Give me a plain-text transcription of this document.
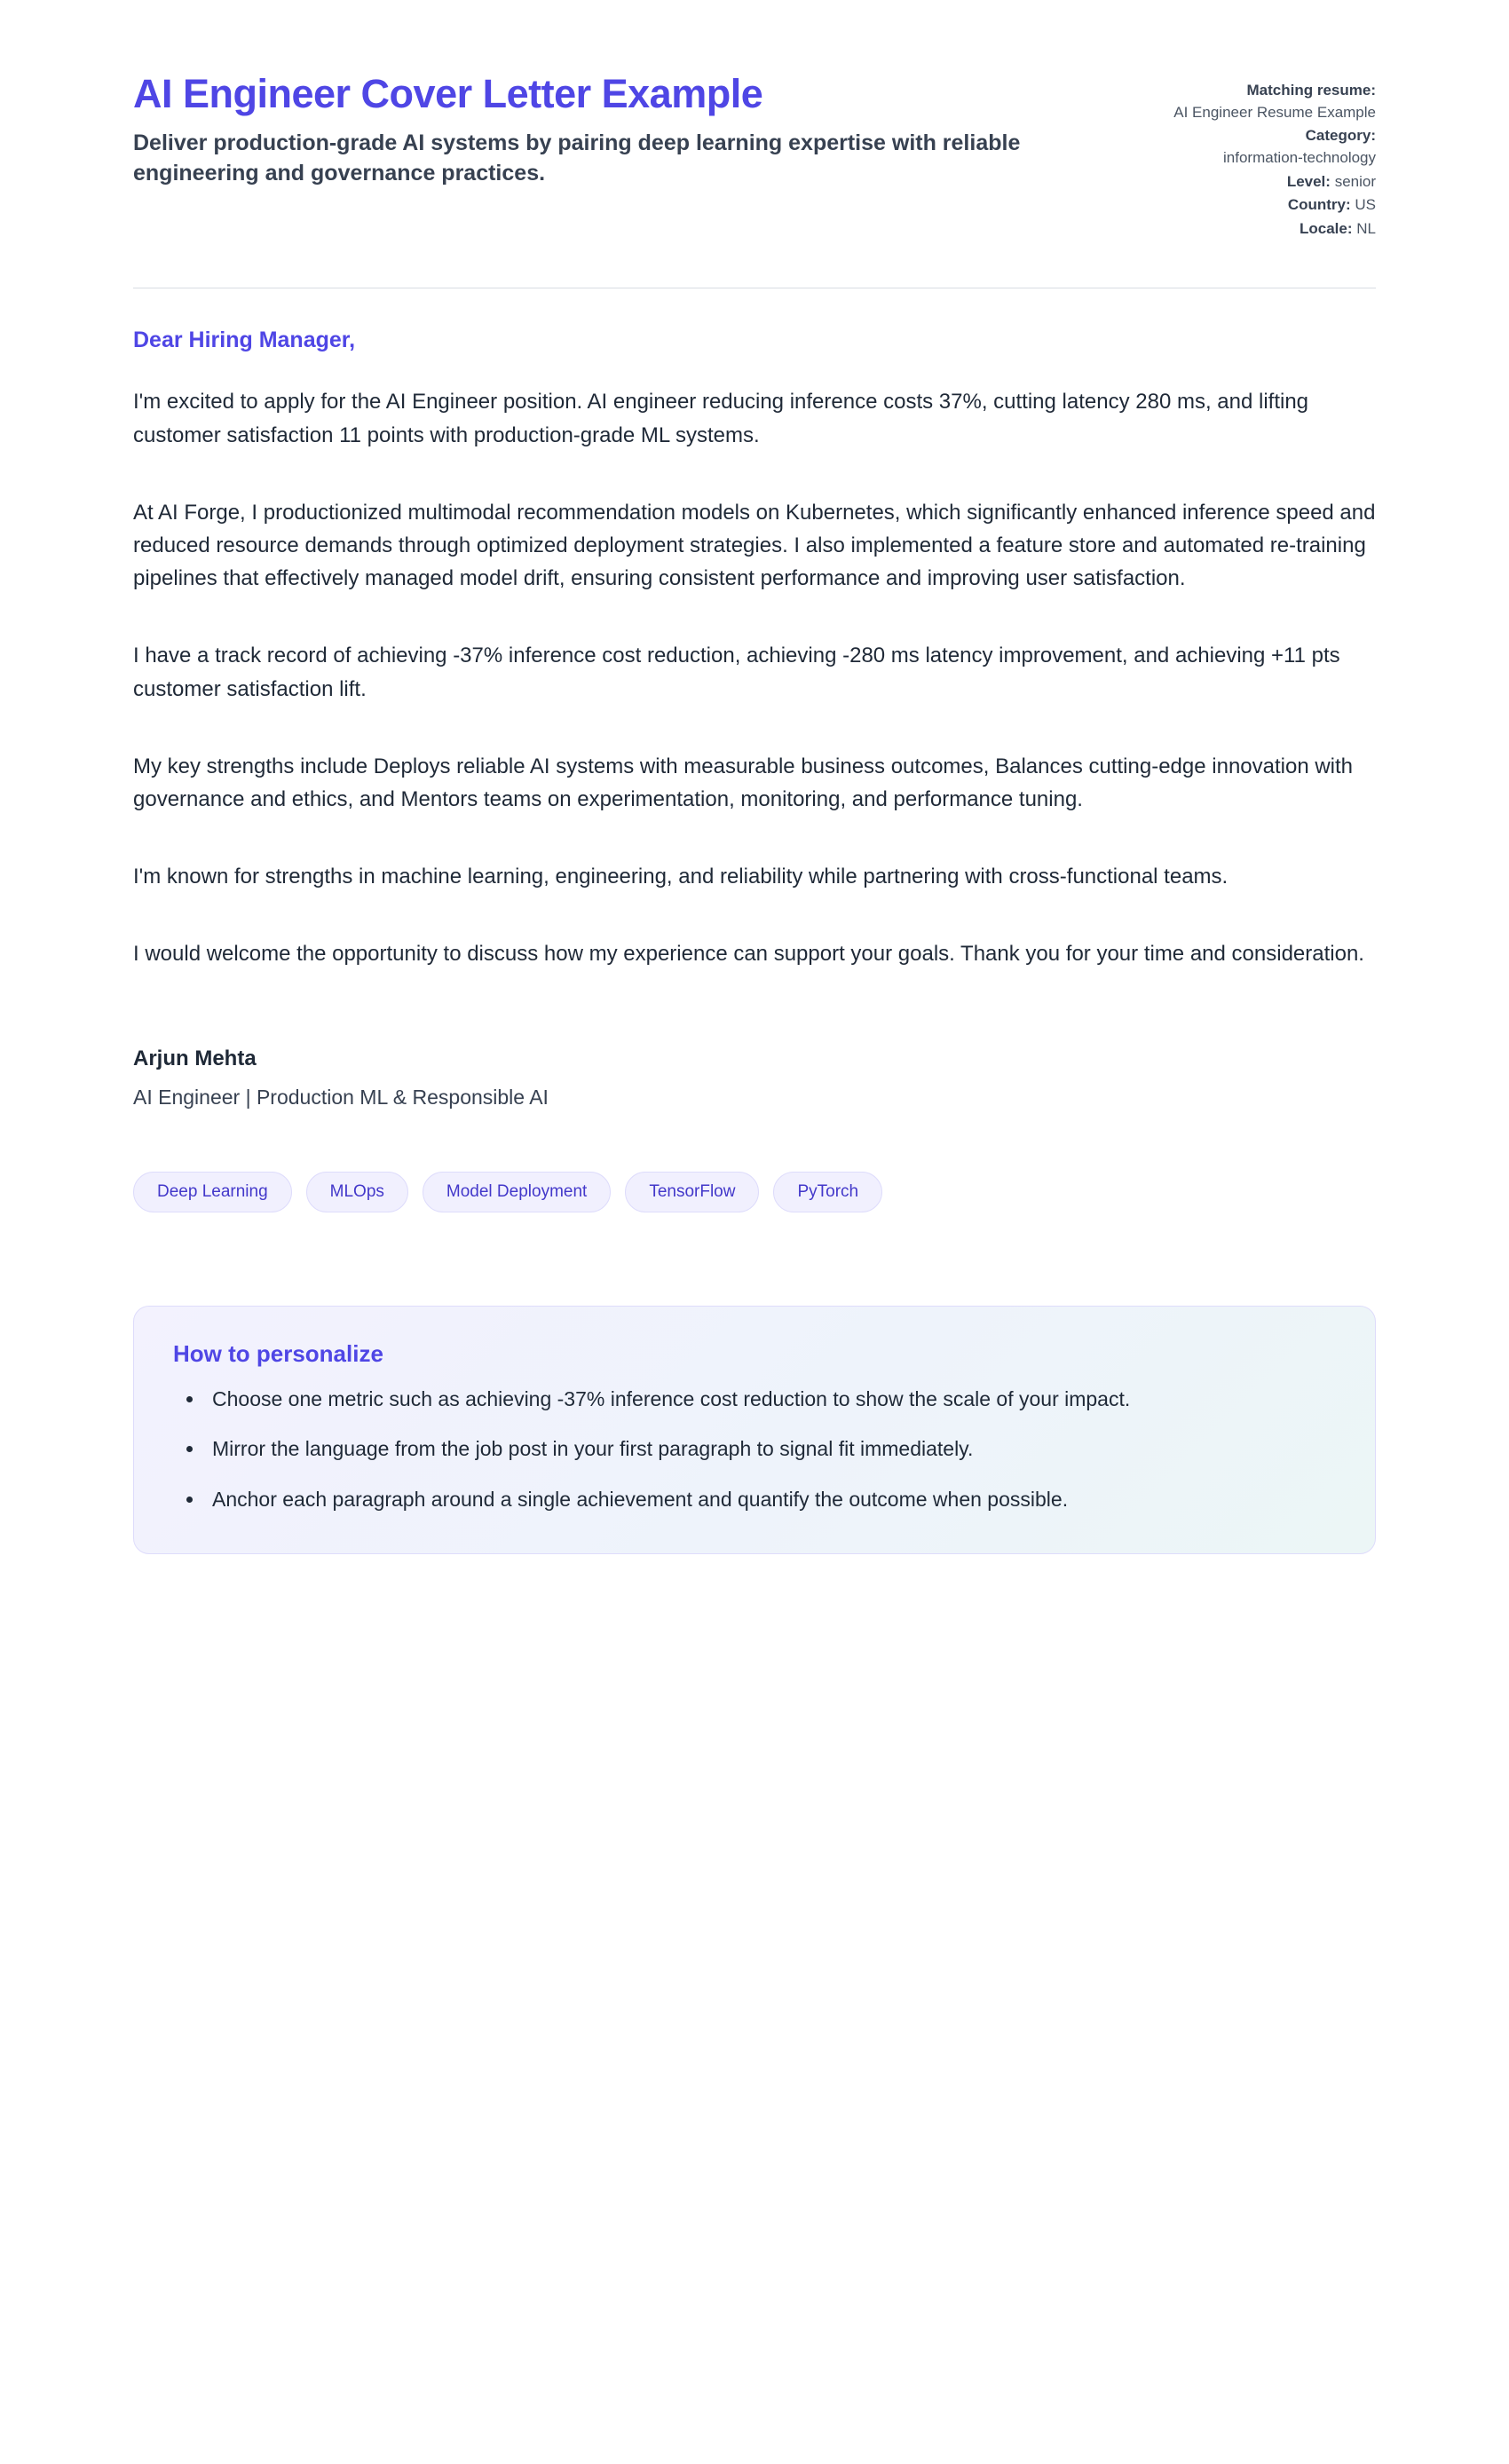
AI Engineer Cover Letter Example

Deliver production-grade AI systems by pairing deep learning expertise with reliable engineering and governance practices.

Matching resume:
AI Engineer Resume Example
Category:
information-technology
Level: senior
Country: US
Locale: NL

Dear Hiring Manager,

I'm excited to apply for the AI Engineer position. AI engineer reducing inference costs 37%, cutting latency 280 ms, and lifting customer satisfaction 11 points with production-grade ML systems.

At AI Forge, I productionized multimodal recommendation models on Kubernetes, which significantly enhanced inference speed and reduced resource demands through optimized deployment strategies. I also implemented a feature store and automated re-training pipelines that effectively managed model drift, ensuring consistent performance and improving user satisfaction.

I have a track record of achieving -37% inference cost reduction, achieving -280 ms latency improvement, and achieving +11 pts customer satisfaction lift.

My key strengths include Deploys reliable AI systems with measurable business outcomes, Balances cutting-edge innovation with governance and ethics, and Mentors teams on experimentation, monitoring, and performance tuning.

I'm known for strengths in machine learning, engineering, and reliability while partnering with cross-functional teams.

I would welcome the opportunity to discuss how my experience can support your goals. Thank you for your time and consideration.

Arjun Mehta

AI Engineer | Production ML & Responsible AI

Deep Learning	MLOps	Model Deployment	TensorFlow	PyTorch
How to personalize
• Choose one metric such as achieving -37% inference cost reduction to show the scale of your impact.
• Mirror the language from the job post in your first paragraph to signal fit immediately.
• Anchor each paragraph around a single achievement and quantify the outcome when possible.
